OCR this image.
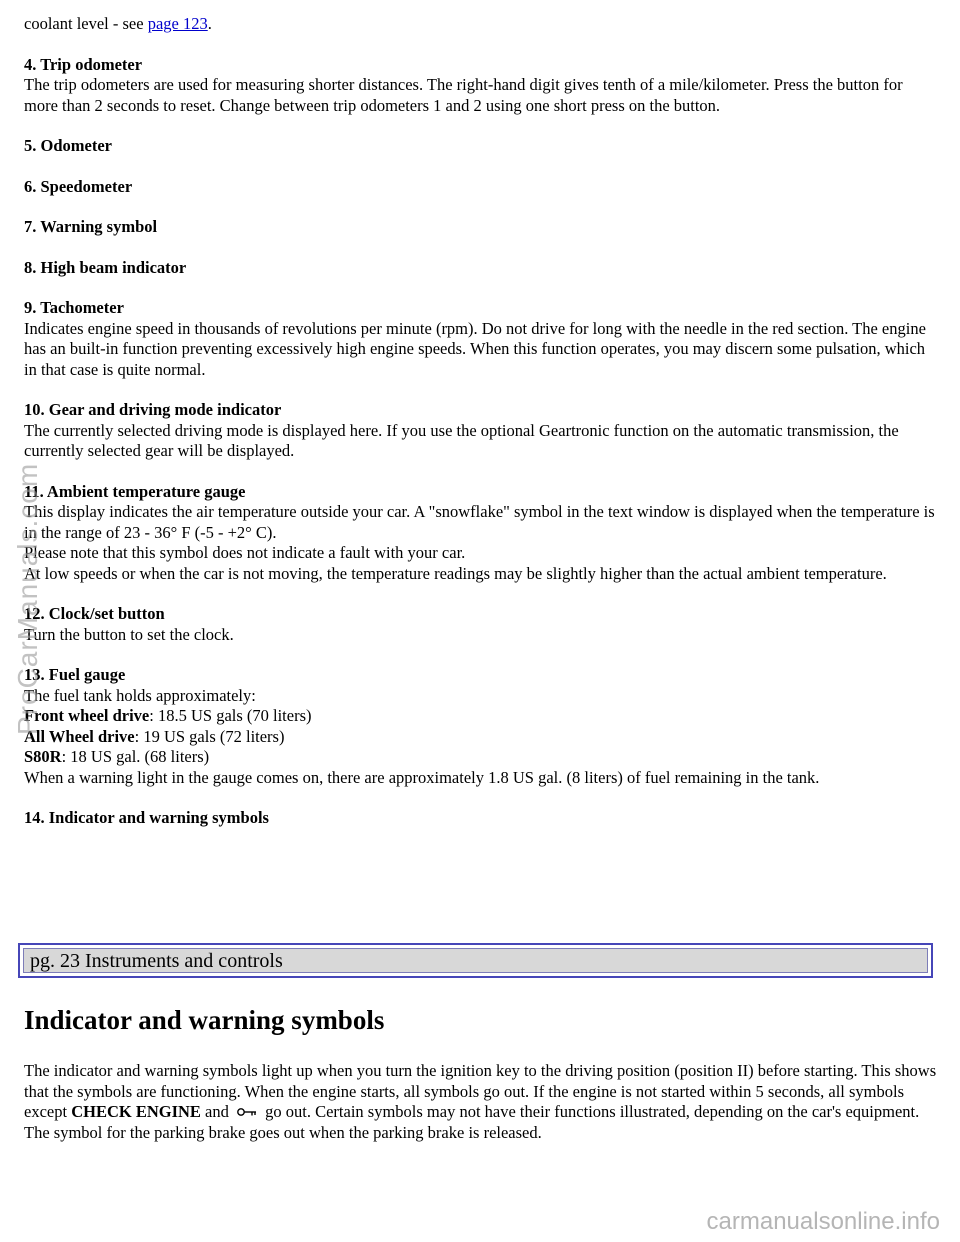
coolant level - see page 123.

4. Trip odometer
The trip odometers are used for measuring shorter distances. The right-hand digit gives tenth of a mile/kilometer. Press the button for more than 2 seconds to reset. Change between trip odometers 1 and 2 using one short press on the button.

5. Odometer

6. Speedometer

7. Warning symbol

8. High beam indicator

9. Tachometer
Indicates engine speed in thousands of revolutions per minute (rpm). Do not drive for long with the needle in the red section. The engine has an built-in function preventing excessively high engine speeds. When this function operates, you may discern some pulsation, which in that case is quite normal.

10. Gear and driving mode indicator
The currently selected driving mode is displayed here. If you use the optional Geartronic function on the automatic transmission, the currently selected gear will be displayed.

11. Ambient temperature gauge
This display indicates the air temperature outside your car. A "snowflake" symbol in the text window is displayed when the temperature is in the range of 23 - 36° F (-5 - +2° C).
Please note that this symbol does not indicate a fault with your car.
At low speeds or when the car is not moving, the temperature readings may be slightly higher than the actual ambient temperature.

12. Clock/set button
Turn the button to set the clock.

13. Fuel gauge
The fuel tank holds approximately:
Front wheel drive: 18.5 US gals (70 liters)
All Wheel drive: 19 US gals (72 liters)
S80R: 18 US gal. (68 liters)
When a warning light in the gauge comes on, there are approximately 1.8 US gal. (8 liters) of fuel remaining in the tank.

14. Indicator and warning symbols

pg. 23 Instruments and controls
Indicator and warning symbols

The indicator and warning symbols light up when you turn the ignition key to the driving position (position II) before starting. This shows that the symbols are functioning. When the engine starts, all symbols go out. If the engine is not started within 5 seconds, all symbols except CHECK ENGINE and  go out. Certain symbols may not have their functions illustrated, depending on the car's equipment. The symbol for the parking brake goes out when the parking brake is released.

ProCarManuals.com
carmanualsonline.info
